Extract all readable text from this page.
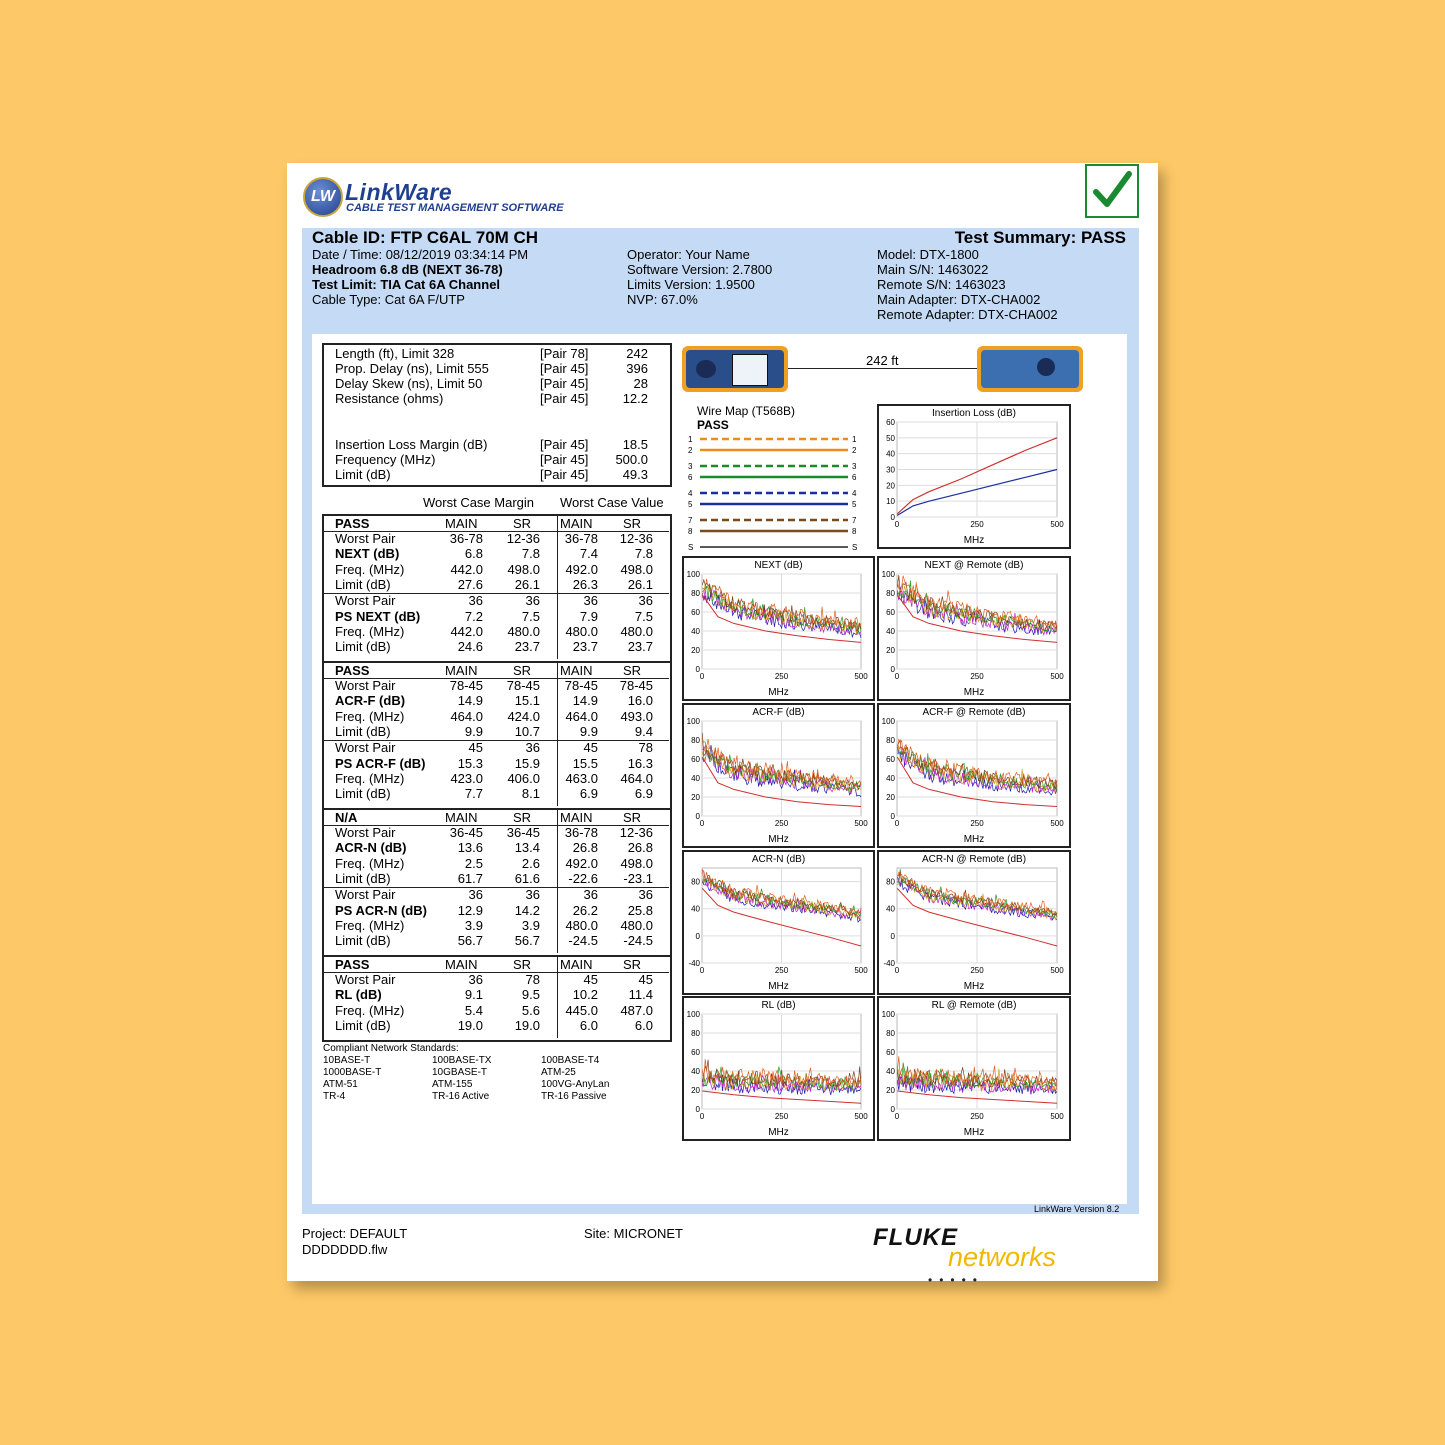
LW LinkWare
CABLE TEST MANAGEMENT SOFTWARE
Cable ID: FTP C6AL 70M CH	Test Summary: PASS
Date / Time: 08/12/2019 03:34:14 PM
Headroom 6.8 dB (NEXT 36-78)
Test Limit: TIA Cat 6A Channel
Cable Type: Cat 6A F/UTP
Operator: Your Name
Software Version: 2.7800
Limits Version: 1.9500
NVP: 67.0%
Model: DTX-1800
Main S/N: 1463022
Remote S/N: 1463023
Main Adapter: DTX-CHA002
Remote Adapter: DTX-CHA002
Length (ft), Limit 328	[Pair 78]	242
Prop. Delay (ns), Limit 555	[Pair 45]	396
Delay Skew (ns), Limit 50	[Pair 45]	28
Resistance (ohms)	[Pair 45]	12.2
Insertion Loss Margin (dB)	[Pair 45]	18.5
Frequency (MHz)	[Pair 45]	500.0
Limit (dB)	[Pair 45]	49.3
Worst Case Margin Worst Case Value
PASS	MAIN	SR MAIN SR
Worst Pair	36-78	12-36	36-78	12-36
NEXT (dB)	6.8	7.8	7.4	7.8
Freq. (MHz)	442.0	498.0	492.0	498.0
Limit (dB)	27.6	26.1	26.3	26.1
Worst Pair	36	36	36	36
PS NEXT (dB)	7.2	7.5	7.9	7.5
Freq. (MHz)	442.0	480.0	480.0	480.0
Limit (dB)	24.6	23.7	23.7	23.7
PASS	MAIN	SR MAIN SR
Worst Pair	78-45	78-45	78-45	78-45
ACR-F (dB)	14.9	15.1	14.9	16.0
Freq. (MHz)	464.0	424.0	464.0	493.0
Limit (dB)	9.9	10.7	9.9	9.4
Worst Pair	45	36	45	78
PS ACR-F (dB)	15.3	15.9	15.5	16.3
Freq. (MHz)	423.0	406.0	463.0	464.0
Limit (dB)	7.7	8.1	6.9	6.9
N/A	MAIN	SR MAIN SR
Worst Pair	36-45	36-45	36-78	12-36
ACR-N (dB)	13.6	13.4	26.8	26.8
Freq. (MHz)	2.5	2.6	492.0	498.0
Limit (dB)	61.7	61.6	-22.6	-23.1
Worst Pair	36	36	36	36
PS ACR-N (dB)	12.9	14.2	26.2	25.8
Freq. (MHz)	3.9	3.9	480.0	480.0
Limit (dB)	56.7	56.7	-24.5	-24.5
PASS	MAIN	SR MAIN SR
Worst Pair	36	78	45	45
RL (dB)	9.1	9.5	10.2	11.4
Freq. (MHz)	5.4	5.6	445.0	487.0
Limit (dB)	19.0	19.0	6.0	6.0
Compliant Network Standards:
10BASE-T	100BASE-TX	100BASE-T4
1000BASE-T	10GBASE-T	ATM-25
ATM-51	ATM-155	100VG-AnyLan
TR-4	TR-16 Active	TR-16 Passive
242 ft
Wire Map (T568B)
PASS
1	1
2	2
3	3
6	6
4	4
5	5
7	7
8	8
S	S
Insertion Loss (dB)
MHz
0
10
20
30
40
50
60
0	250	500
NEXT (dB)
MHz
0
20
40
60
80
100
0	250	500
NEXT @ Remote (dB)
MHz
0
20
40
60
80
100
0	250	500
ACR-F (dB)
MHz
0
20
40
60
80
100
0	250	500
ACR-F @ Remote (dB)
MHz
0
20
40
60
80
100
0	250	500
ACR-N (dB)
MHz
-40
0
40
80
0	250	500
ACR-N @ Remote (dB)
MHz
-40
0
40
80
0	250	500
RL (dB)
MHz
0
20
40
60
80
100
0	250	500
RL @ Remote (dB)
MHz
0
20
40
60
80
100
0	250	500
LinkWare Version 8.2
Project: DEFAULT
DDDDDDD.flw
Site: MICRONET	FLUKE
networks
•••••
